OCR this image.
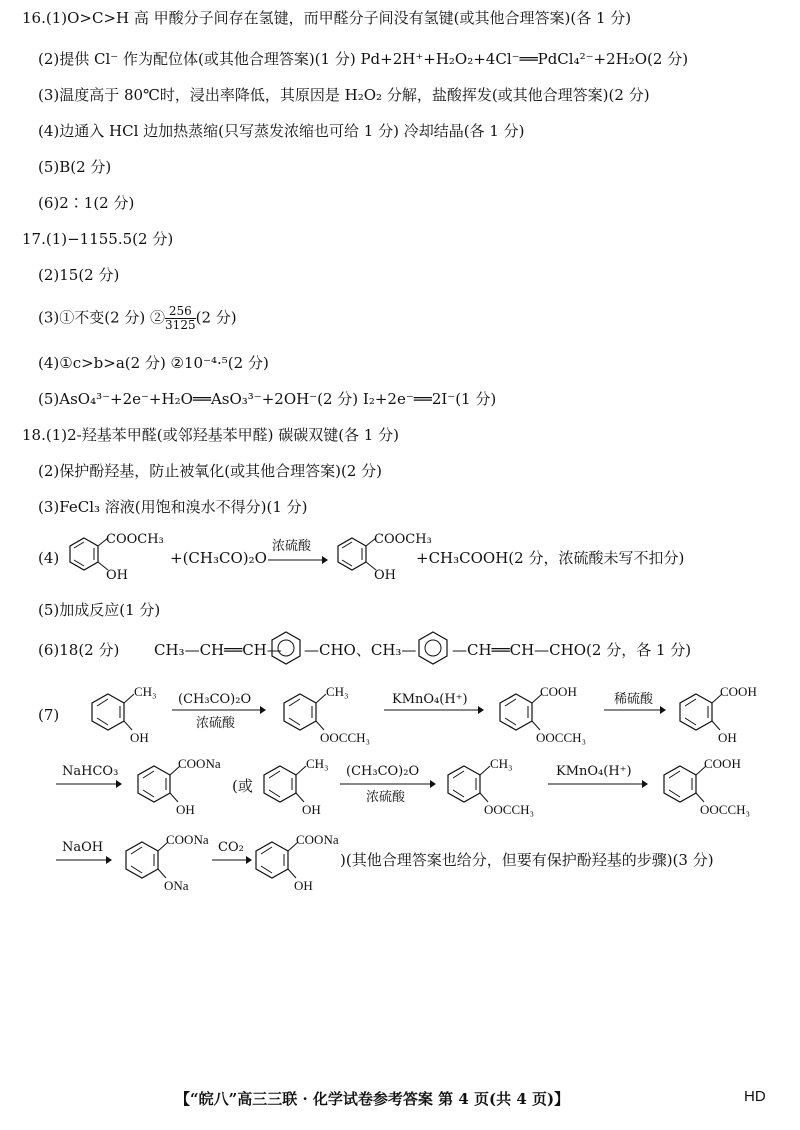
16.(1)O>C>H 高 甲酸分子间存在氢键，而甲醛分子间没有氢键(或其他合理答案)(各 1 分)
(2)提供 Cl⁻ 作为配位体(或其他合理答案)(1 分) Pd+2H⁺+H₂O₂+4Cl⁻══PdCl₄²⁻+2H₂O(2 分)
(3)温度高于 80℃时，浸出率降低，其原因是 H₂O₂ 分解，盐酸挥发(或其他合理答案)(2 分)
(4)边通入 HCl 边加热蒸缩(只写蒸发浓缩也可给 1 分) 冷却结晶(各 1 分)
(5)B(2 分)
(6)2∶1(2 分)
17.(1)−1155.5(2 分)
(2)15(2 分)
(3)①不变(2 分) ② $\frac{256}{3125} (2$ 分)
(4)①c>b>a(2 分) ②10⁻⁴·⁵(2 分)
(5)AsO₄³⁻+2e⁻+H₂O══AsO₃³⁻+2OH⁻(2 分) I₂+2e⁻══2I⁻(1 分)
18.(1)2-羟基苯甲醛(或邻羟基苯甲醛) 碳碳双键(各 1 分)
(2)保护酚羟基，防止被氧化(或其他合理答案)(2 分)
(3)FeCl₃ 溶液(用饱和溴水不得分)(1 分)
(4)
COOCH₃
OH
+(CH₃CO)₂O
浓硫酸	COOCH₃
OH
+CH₃COOH(2 分，浓硫酸未写不扣分)
(5)加成反应(1 分)
(6)18(2 分) CH₃—CH══CH— —CHO、CH₃— —CH══CH—CHO(2 分，各 1 分)
(7)
CH₃
OH
(CH₃CO)₂O
浓硫酸
CH₃
OOCCH₃
KMnO₄(H⁺)
COOH
OOCCH₃
稀硫酸
COOH
OH
NaHCO₃
COONa
OH
(或
CH₃
OH
(CH₃CO)₂O
浓硫酸
CH₃
OOCCH₃
KMnO₄(H⁺)
COOH
OOCCH₃
NaOH
COONa
ONa
CO₂
COONa
OH
)(其他合理答案也给分，但要有保护酚羟基的步骤)(3 分)
【“皖八”高三三联 · 化学试卷参考答案 第 4 页(共 4 页)】	HD
